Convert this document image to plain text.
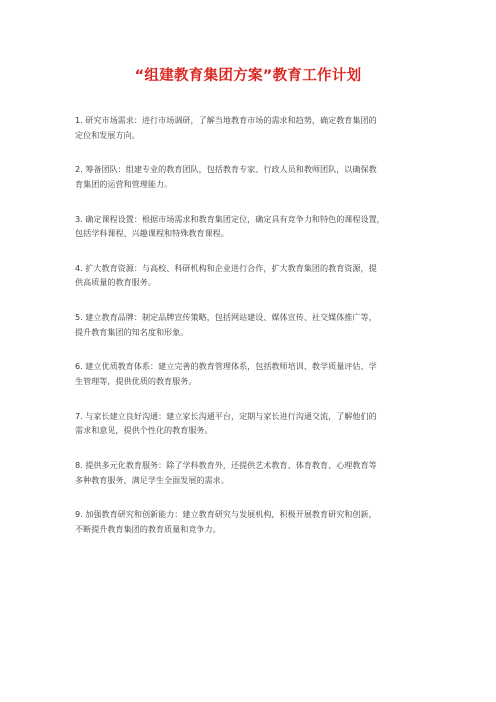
“组建教育集团方案”教育工作计划
1. 研究市场需求：进行市场调研，了解当地教育市场的需求和趋势，确定教育集团的
定位和发展方向。
2. 筹备团队：组建专业的教育团队，包括教育专家、行政人员和教师团队，以确保教
育集团的运营和管理能力。
3. 确定课程设置：根据市场需求和教育集团定位，确定具有竞争力和特色的课程设置，
包括学科课程、兴趣课程和特殊教育课程。
4. 扩大教育资源：与高校、科研机构和企业进行合作，扩大教育集团的教育资源，提
供高质量的教育服务。
5. 建立教育品牌：制定品牌宣传策略，包括网站建设、媒体宣传、社交媒体推广等，
提升教育集团的知名度和形象。
6. 建立优质教育体系：建立完善的教育管理体系，包括教师培训、教学质量评估、学
生管理等，提供优质的教育服务。
7. 与家长建立良好沟通：建立家长沟通平台，定期与家长进行沟通交流，了解他们的
需求和意见，提供个性化的教育服务。
8. 提供多元化教育服务：除了学科教育外，还提供艺术教育、体育教育、心理教育等
多种教育服务，满足学生全面发展的需求。
9. 加强教育研究和创新能力：建立教育研究与发展机构，积极开展教育研究和创新，
不断提升教育集团的教育质量和竞争力。
